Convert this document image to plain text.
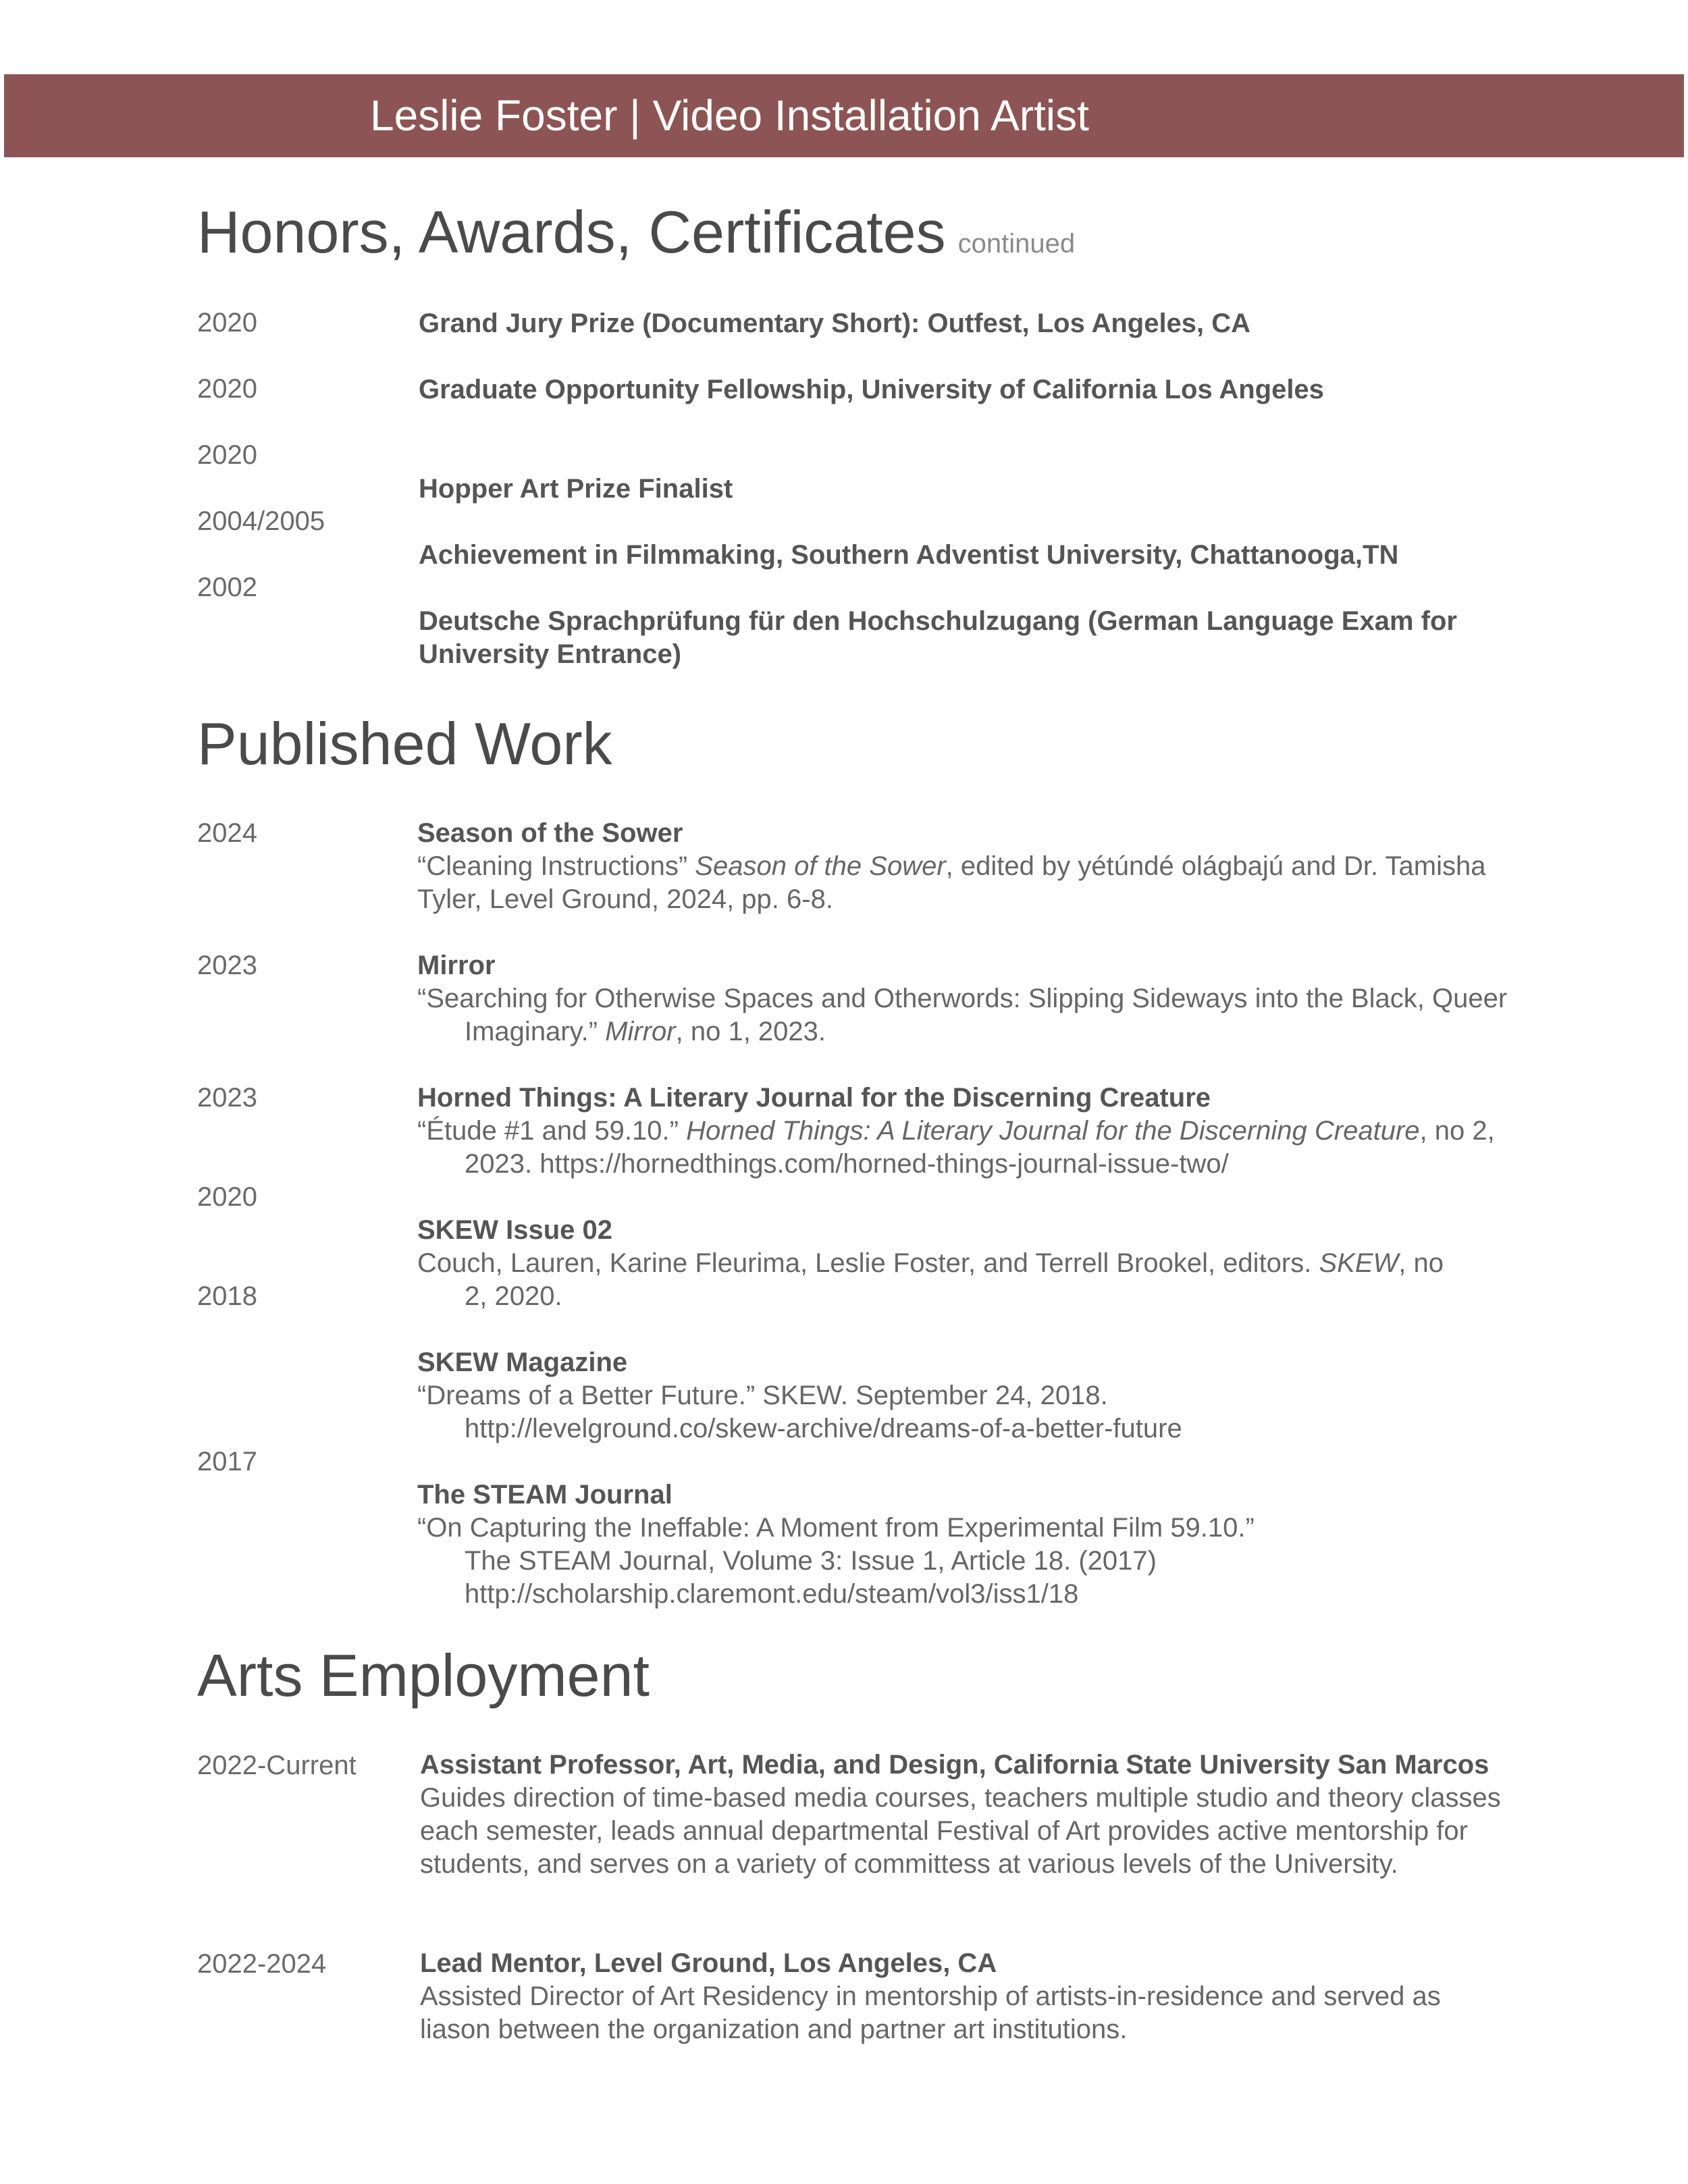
Leslie Foster | Video Installation Artist
Honors, Awards, Certificates continued
2020
2020
2020
2004/2005
2002
Grand Jury Prize (Documentary Short): Outfest, Los Angeles, CA
Graduate Opportunity Fellowship, University of California Los Angeles
Hopper Art Prize Finalist
Achievement in Filmmaking, Southern Adventist University, Chattanooga,TN
Deutsche Sprachprüfung für den Hochschulzugang (German Language Exam for University Entrance)
Published Work
2024
2023
2023
2020
2018
2017
Season of the Sower
“Cleaning Instructions” Season of the Sower, edited by yétúndé olágbajú and Dr. Tamisha Tyler, Level Ground, 2024, pp. 6-8.
Mirror
“Searching for Otherwise Spaces and Otherwords: Slipping Sideways into the Black, Queer Imaginary.” Mirror, no 1, 2023.
Horned Things: A Literary Journal for the Discerning Creature
“Étude #1 and 59.10.” Horned Things: A Literary Journal for the Discerning Creature, no 2, 2023. https://hornedthings.com/horned-things-journal-issue-two/
SKEW Issue 02
Couch, Lauren, Karine Fleurima, Leslie Foster, and Terrell Brookel, editors. SKEW, no 2, 2020.
SKEW Magazine
“Dreams of a Better Future.” SKEW. September 24, 2018. http://levelground.co/skew-archive/dreams-of-a-better-future
The STEAM Journal
“On Capturing the Ineffable: A Moment from Experimental Film 59.10.” The STEAM Journal, Volume 3: Issue 1, Article 18. (2017) http://scholarship.claremont.edu/steam/vol3/iss1/18
Arts Employment
2022-Current Assistant Professor, Art, Media, and Design, California State University San Marcos
Guides direction of time-based media courses, teachers multiple studio and theory classes each semester, leads annual departmental Festival of Art provides active mentorship for students, and serves on a variety of committess at various levels of the University.
2022-2024	Lead Mentor, Level Ground, Los Angeles, CA
Assisted Director of Art Residency in mentorship of artists-in-residence and served as liason between the organization and partner art institutions.
